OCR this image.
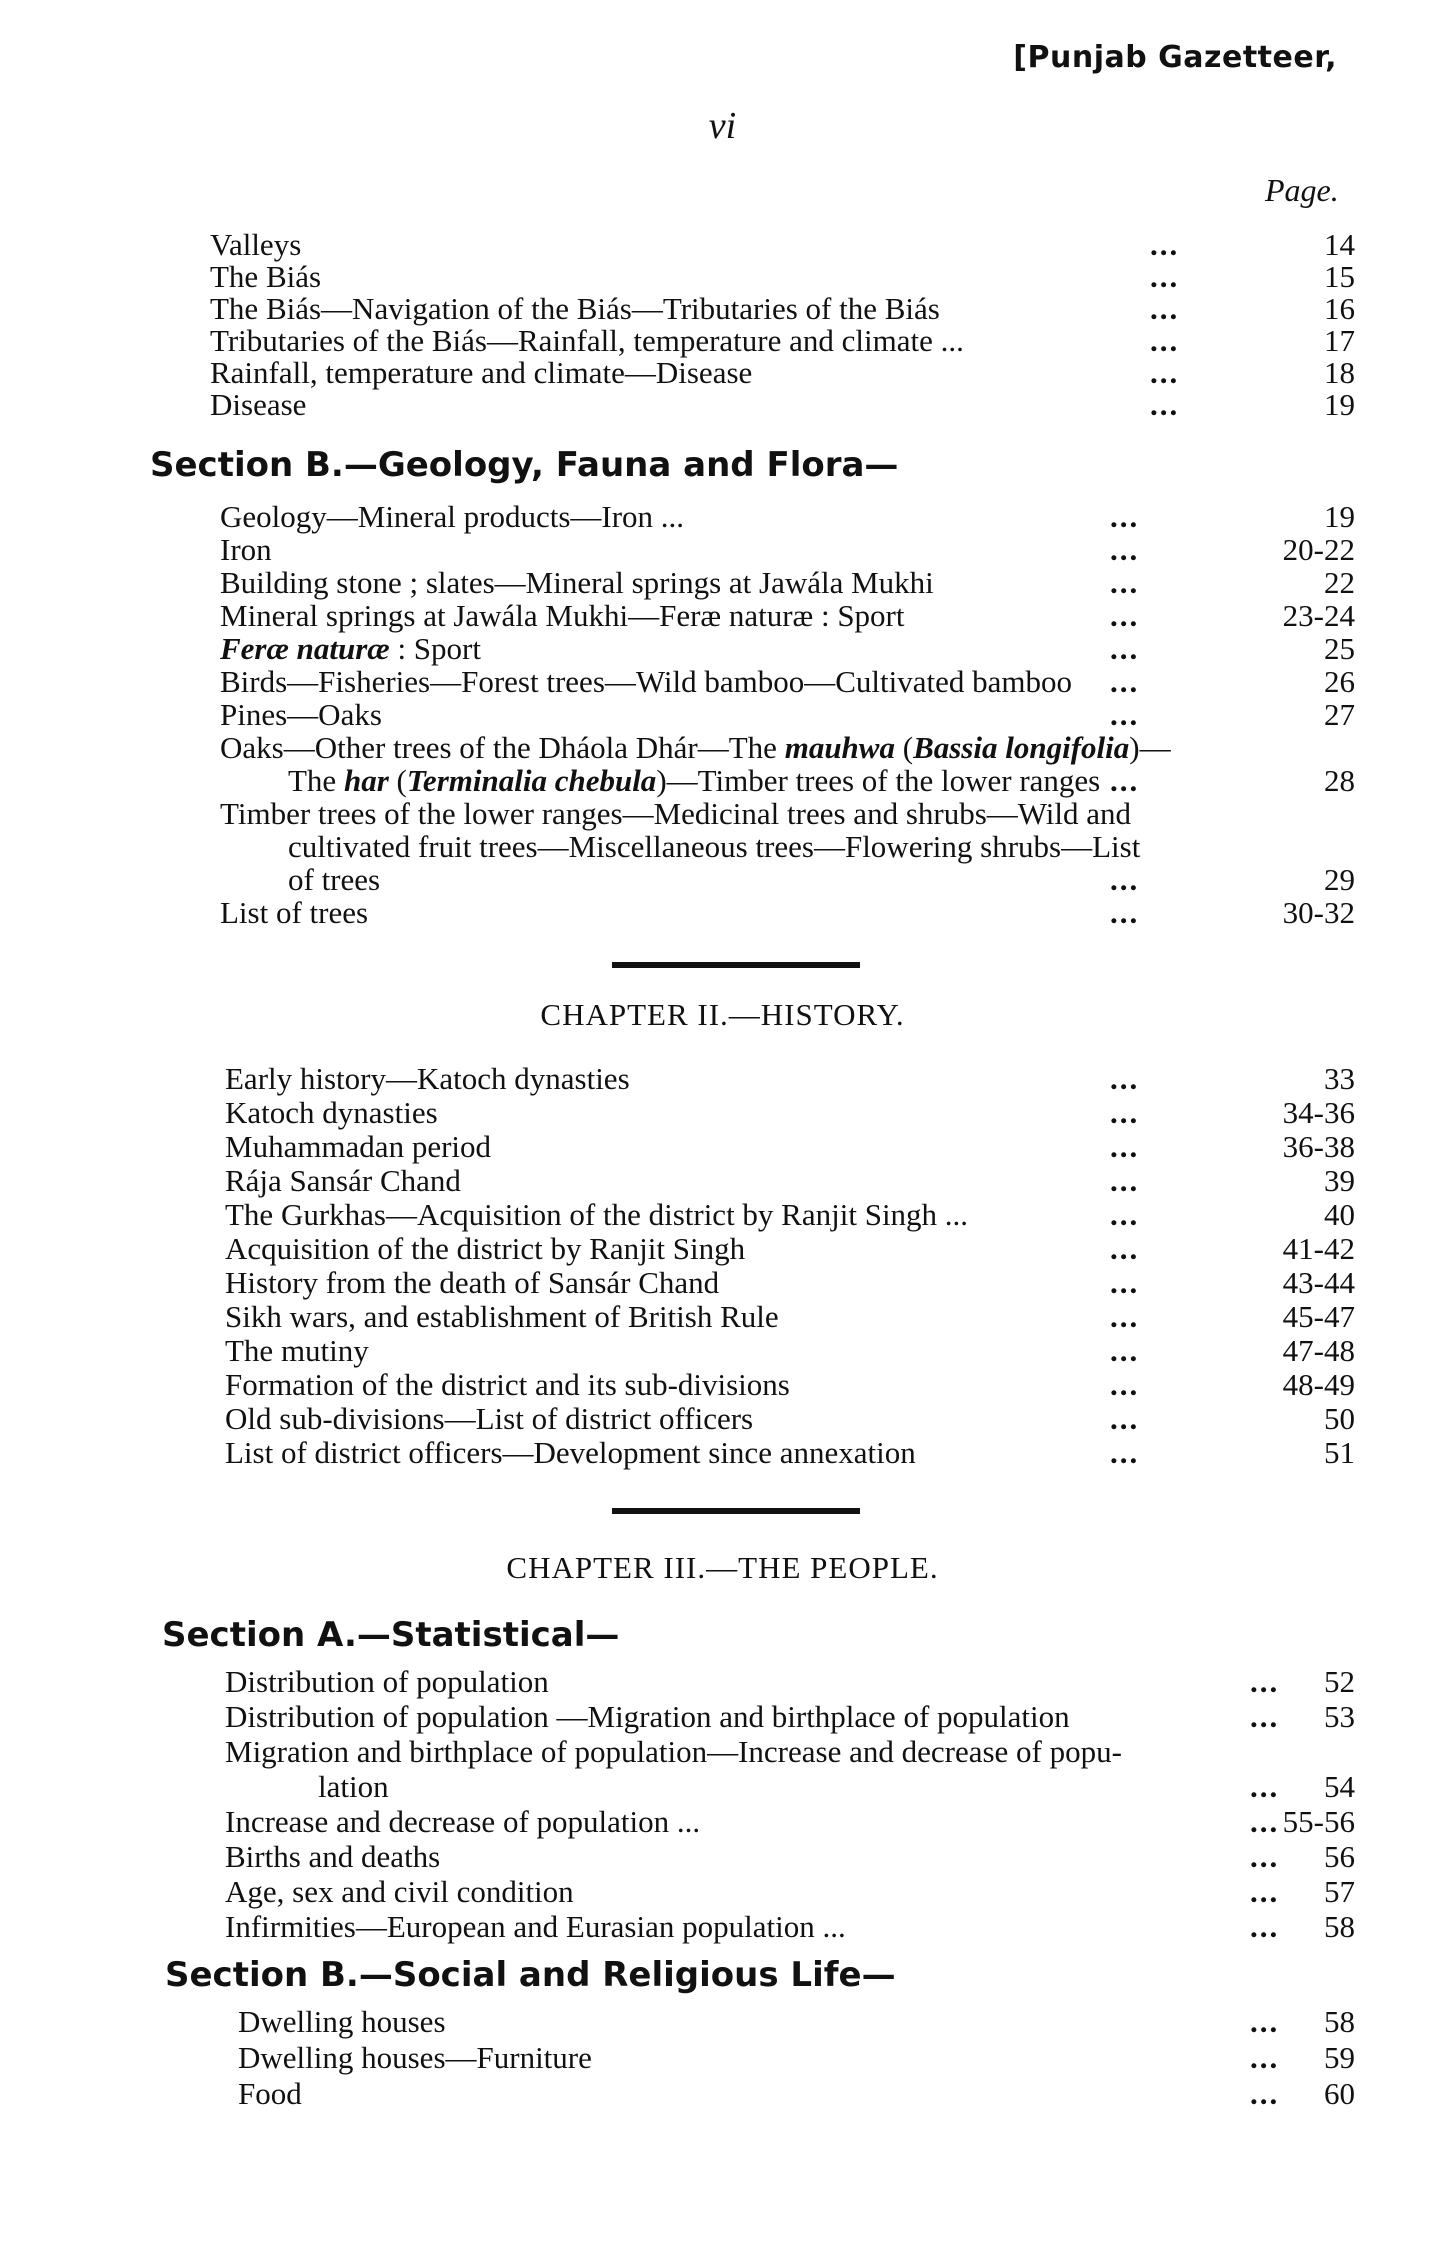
[Punjab Gazetteer,
vi
Page.
Valleys	...	14
The Biás	...	15
The Biás—Navigation of the Biás—Tributaries of the Biás	...	16
Tributaries of the Biás—Rainfall, temperature and climate ...	...	17
Rainfall, temperature and climate—Disease	...	18
Disease	...	19
Section B.—Geology, Fauna and Flora—
Geology—Mineral products—Iron ...	...	19
Iron	...	20-22
Building stone ; slates—Mineral springs at Jawála Mukhi	...	22
Mineral springs at Jawála Mukhi—Feræ naturæ : Sport	...	23-24
Feræ naturæ : Sport	...	25
Birds—Fisheries—Forest trees—Wild bamboo—Cultivated bamboo ...	26
Pines—Oaks	...	27
Oaks—Other trees of the Dháola Dhár—The mauhwa (Bassia longifolia)—
The har (Terminalia chebula)—Timber trees of the lower ranges ...	28
Timber trees of the lower ranges—Medicinal trees and shrubs—Wild and
cultivated fruit trees—Miscellaneous trees—Flowering shrubs—List
of trees	...	29
List of trees	...	30-32
CHAPTER II.—HISTORY.
Early history—Katoch dynasties	...	33
Katoch dynasties	...	34-36
Muhammadan period	...	36-38
Rája Sansár Chand	...	39
The Gurkhas—Acquisition of the district by Ranjit Singh ...	...	40
Acquisition of the district by Ranjit Singh	...	41-42
History from the death of Sansár Chand	...	43-44
Sikh wars, and establishment of British Rule	...	45-47
The mutiny	...	47-48
Formation of the district and its sub-divisions	...	48-49
Old sub-divisions—List of district officers	...	50
List of district officers—Development since annexation	...	51
CHAPTER III.—THE PEOPLE.
Section A.—Statistical—
Distribution of population	...	52
Distribution of population —Migration and birthplace of population	...	53
Migration and birthplace of population—Increase and decrease of popu-
lation	...	54
Increase and decrease of population ...	... 55-56
Births and deaths	...	56
Age, sex and civil condition	...	57
Infirmities—European and Eurasian population ...	...	58
Section B.—Social and Religious Life—
Dwelling houses	...	58
Dwelling houses—Furniture	...	59
Food	...	60
